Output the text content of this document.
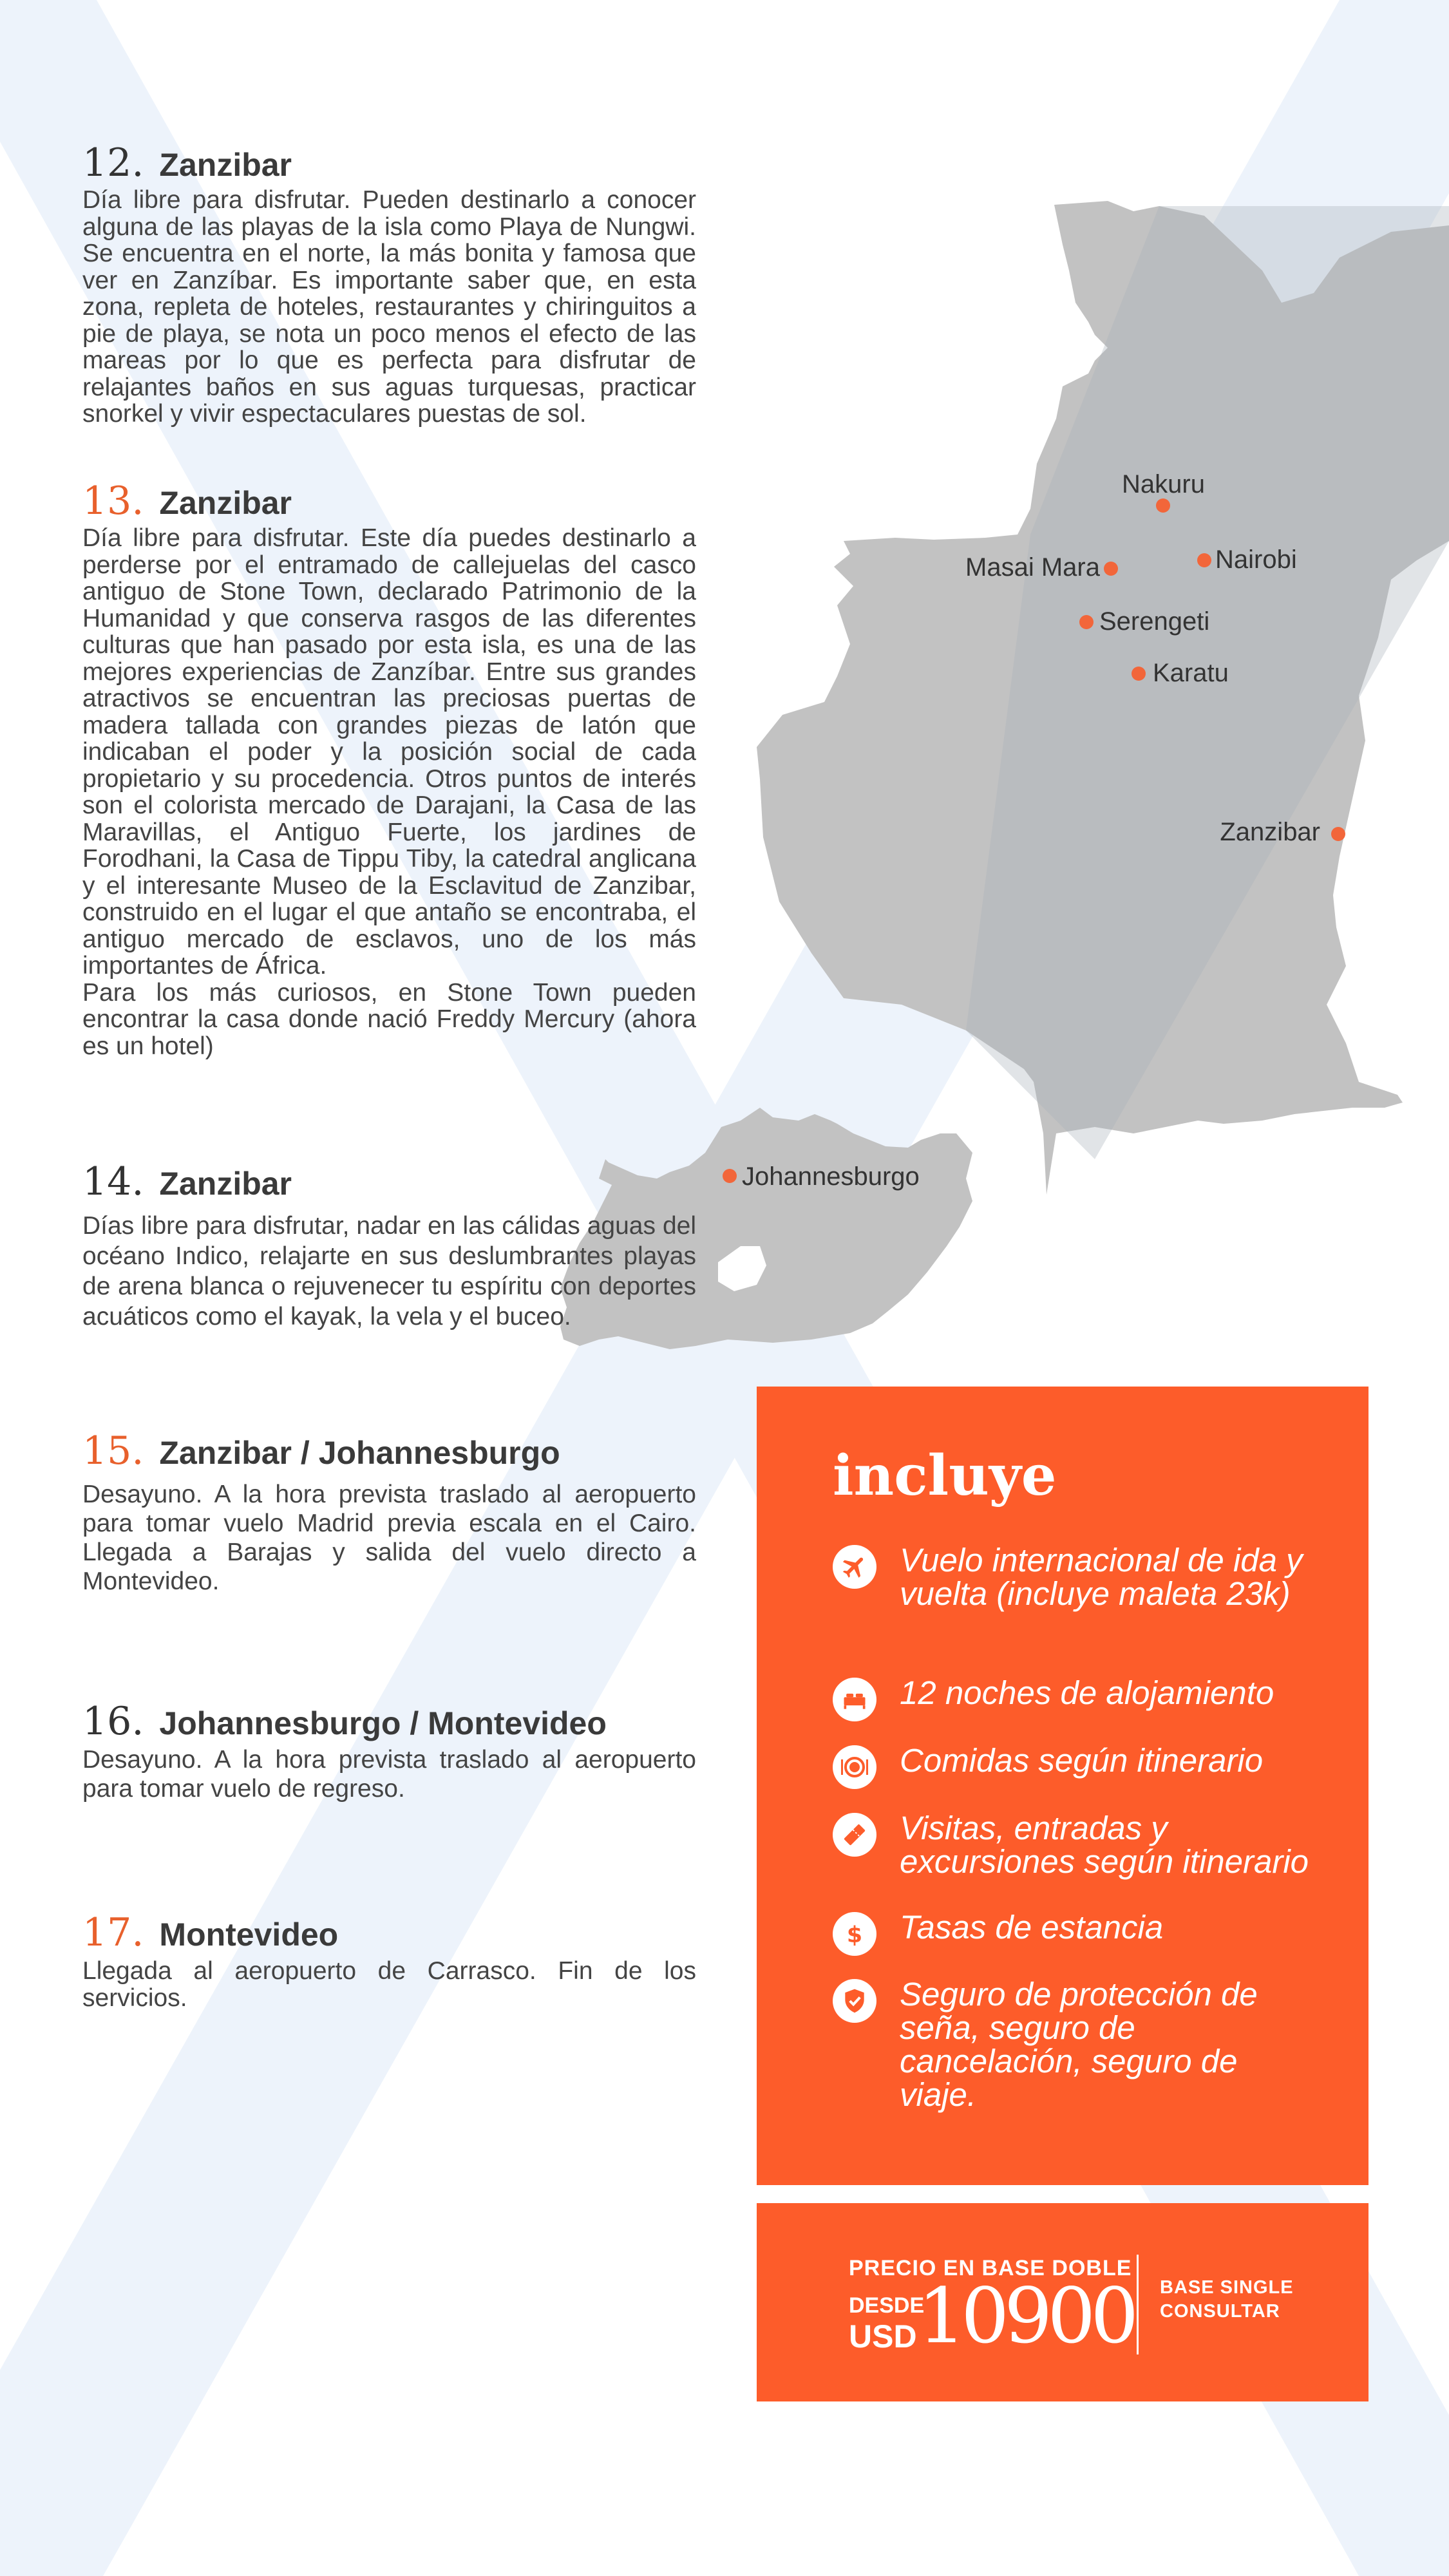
Nakuru
Masai Mara	Nairobi
Serengeti
Karatu
Zanzibar
Johannesburgo
12. Zanzibar

Día libre para disfrutar. Pueden destinarlo a conocer alguna de las playas de la isla como Playa de Nungwi. Se encuentra en el norte, la más bonita y famosa que ver en Zanzíbar. Es importante saber que, en esta zona, repleta de hoteles, restaurantes y chiringuitos a pie de playa, se nota un poco menos el efecto de las mareas por lo que es perfecta para disfrutar de relajantes baños en sus aguas turquesas, practicar snorkel y vivir espectaculares puestas de sol.

13. Zanzibar

Día libre para disfrutar. Este día puedes destinarlo a perderse por el entramado de callejuelas del casco antiguo de Stone Town, declarado Patrimonio de la Humanidad y que conserva rasgos de las diferentes culturas que han pasado por esta isla, es una de las mejores experiencias de Zanzíbar. Entre sus grandes atractivos se encuentran las preciosas puertas de madera tallada con grandes piezas de latón que indicaban el poder y la posición social de cada propietario y su procedencia. Otros puntos de interés son el colorista mercado de Darajani, la Casa de las Maravillas, el Antiguo Fuerte, los jardines de Forodhani, la Casa de Tippu Tiby, la catedral anglicana y el interesante Museo de la Esclavitud de Zanzibar, construido en el lugar el que antaño se encontraba, el antiguo mercado de esclavos, uno de los más importantes de África.

Para los más curiosos, en Stone Town pueden encontrar la casa donde nació Freddy Mercury (ahora es un hotel)

14. Zanzibar

Días libre para disfrutar, nadar en las cálidas aguas del océano Indico, relajarte en sus deslumbrantes playas de arena blanca o rejuvenecer tu espíritu con deportes acuáticos como el kayak, la vela y el buceo.

15. Zanzibar / Johannesburgo

Desayuno. A la hora prevista traslado al aeropuerto para tomar vuelo Madrid previa escala en el Cairo. Llegada a Barajas y salida del vuelo directo a Montevideo.

16. Johannesburgo / Montevideo

Desayuno. A la hora prevista traslado al aeropuerto para tomar vuelo de regreso.

17. Montevideo

Llegada al aeropuerto de Carrasco. Fin de los servicios.

incluye
Vuelo internacional de ida y vuelta (incluye maleta 23k)
12 noches de alojamiento
Comidas según itinerario
Visitas, entradas y excursiones según itinerario
$ Tasas de estancia
Seguro de protección de seña, seguro de cancelación, seguro de viaje.
PRECIO EN BASE DOBLE
DESDE
USD 10900 BASE SINGLE
CONSULTAR
